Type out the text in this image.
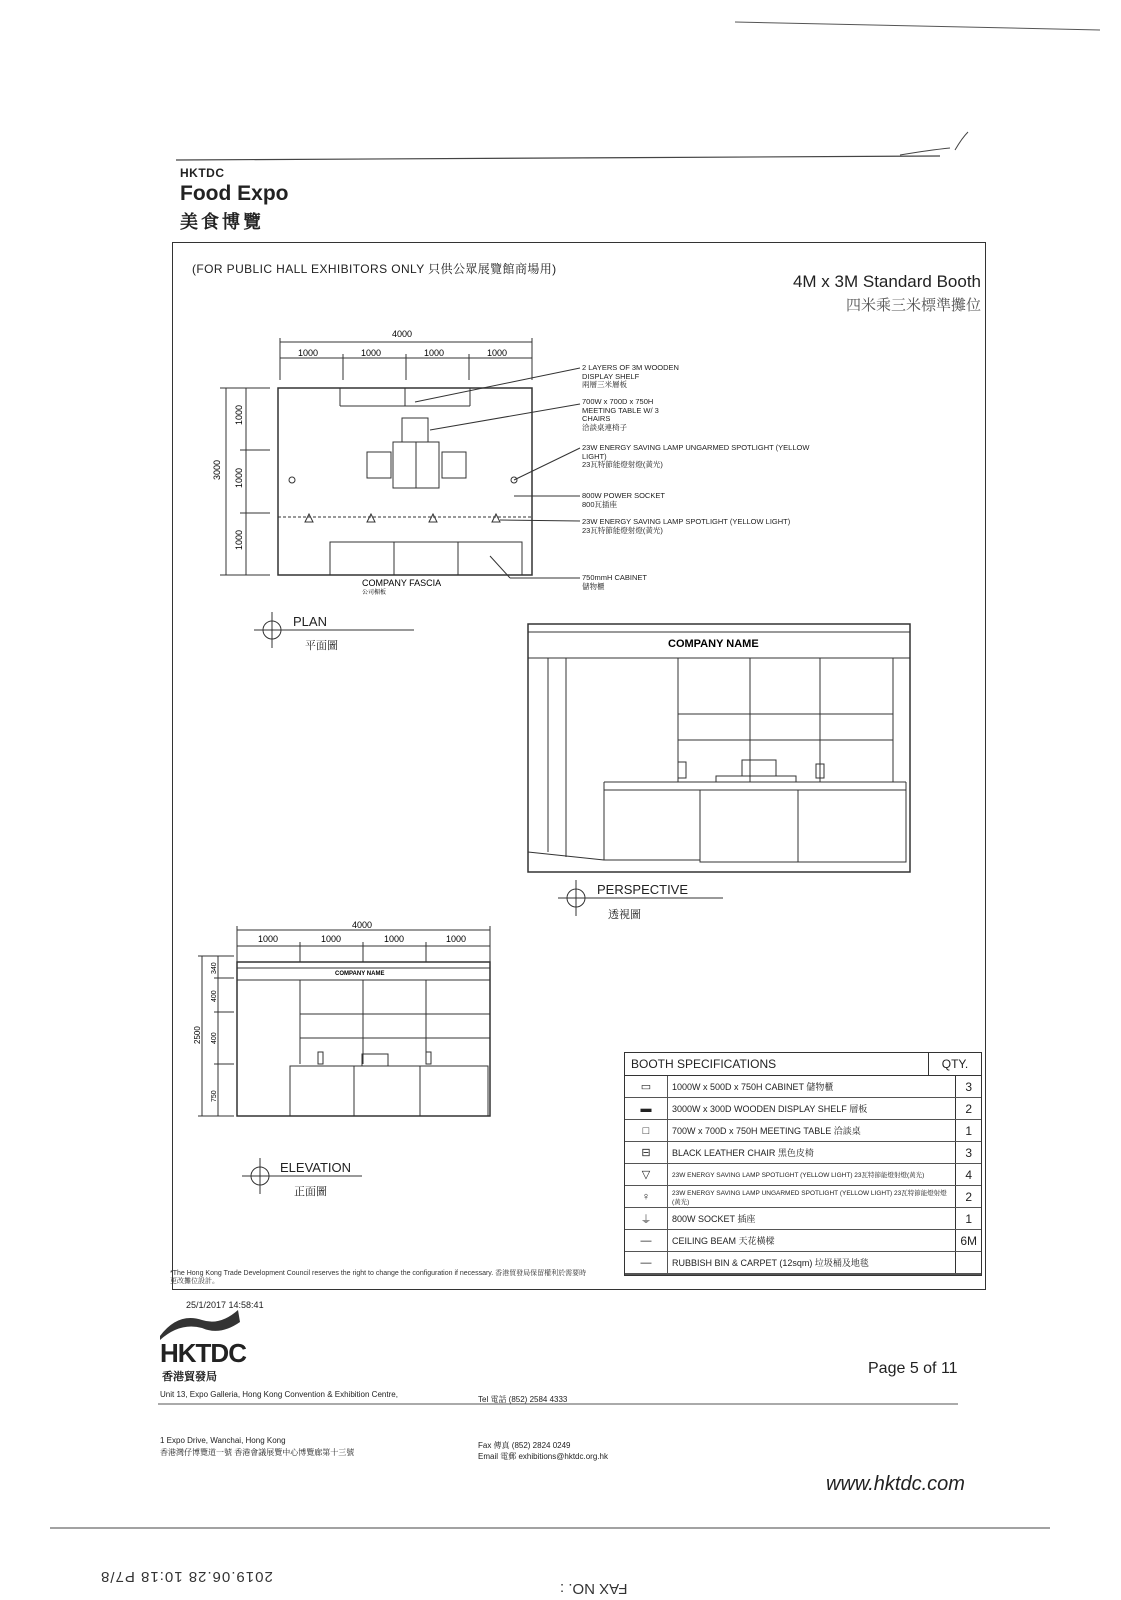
HKTDC
Food Expo
美食博覽
(FOR PUBLIC HALL EXHIBITORS ONLY 只供公眾展覽館商場用)
4M x 3M Standard Booth
四米乘三米標準攤位
4000
1000	1000	1000	1000
3000
1000
1000
1000
COMPANY FASCIA
公司楣板
2 LAYERS OF 3M WOODEN DISPLAY SHELF
兩層三米層板
700W x 700D x 750H MEETING TABLE W/ 3 CHAIRS
洽談桌連椅子
23W ENERGY SAVING LAMP UNGARMED SPOTLIGHT (YELLOW LIGHT)
23瓦特節能燈射燈(黃光)
800W POWER SOCKET
800瓦插座
23W ENERGY SAVING LAMP SPOTLIGHT (YELLOW LIGHT)
23瓦特節能燈射燈(黃光)
750mmH CABINET
儲物櫃
PLAN
平面圖	COMPANY NAME
PERSPECTIVE
透視圖
4000
1000	1000	1000	1000
COMPANY NAME
2500
340
400
400
750
ELEVATION
正面圖
BOOTH SPECIFICATIONS	QTY.

▭	1000W x 500D x 750H CABINET 儲物櫃	3
▬	3000W x 300D WOODEN DISPLAY SHELF 層板	2
□	700W x 700D x 750H MEETING TABLE 洽談桌	1
⊟	BLACK LEATHER CHAIR 黑色皮椅	3
▽	23W ENERGY SAVING LAMP SPOTLIGHT (YELLOW LIGHT) 23瓦特節能燈射燈(黃光)	4
♀	23W ENERGY SAVING LAMP UNGARMED SPOTLIGHT (YELLOW LIGHT) 23瓦特節能燈射燈(黃光)	2
⏚	800W SOCKET 插座	1
—	CEILING BEAM 天花橫樑	6M
—	RUBBISH BIN & CARPET (12sqm) 垃圾桶及地毯	
*The Hong Kong Trade Development Council reserves the right to change the configuration if necessary. 香港貿發局保留權利於需要時更改攤位設計。
25/1/2017 14:58:41
HKTDC
香港貿發局	Page 5 of 11
Unit 13, Expo Galleria, Hong Kong Convention & Exhibition Centre,
Tel 電話 (852) 2584 4333
1 Expo Drive, Wanchai, Hong Kong
香港灣仔博覽道一號 香港會議展覽中心博覽廊第十三號
Fax 傳真 (852) 2824 0249
Email 電郵 exhibitions@hktdc.org.hk
www.hktdc.com
2019.06.28 10:18 P7/8
FAX NO. :
